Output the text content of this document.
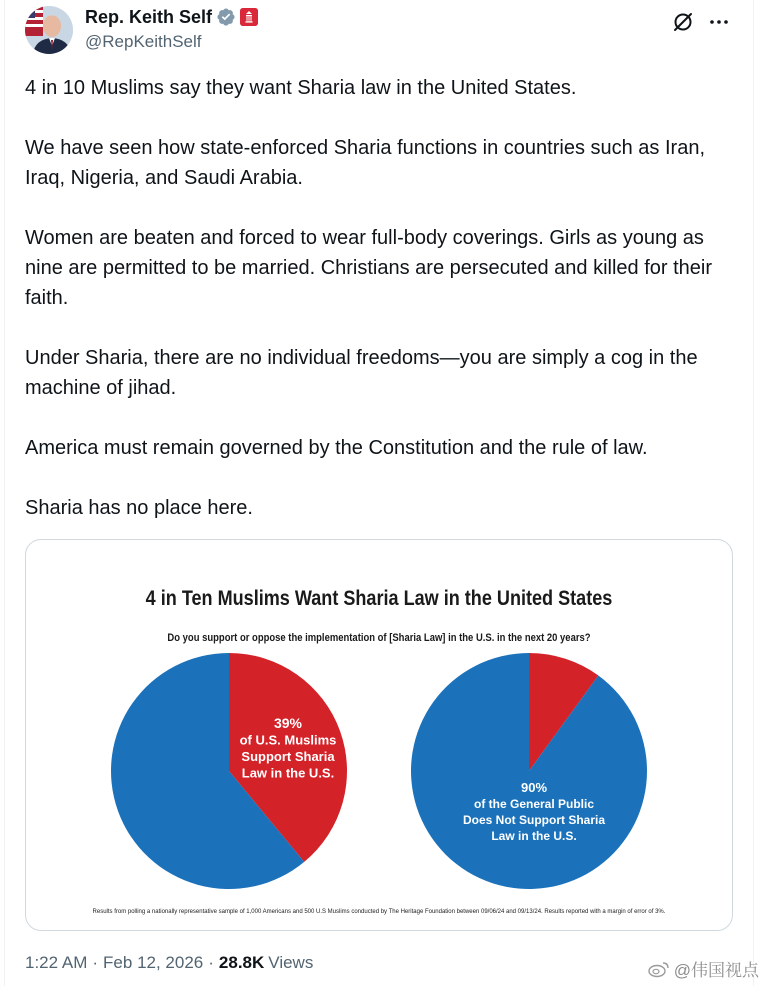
Rep. Keith Self
@RepKeithSelf

4 in 10 Muslims say they want Sharia law in the United States.

We have seen how state-enforced Sharia functions in countries such as Iran, Iraq, Nigeria, and Saudi Arabia.

Women are beaten and forced to wear full-body coverings. Girls as young as nine are permitted to be married. Christians are persecuted and killed for their faith.

Under Sharia, there are no individual freedoms—you are simply a cog in the machine of jihad.

America must remain governed by the Constitution and the rule of law.

Sharia has no place here.

4 in Ten Muslims Want Sharia Law in the United States
Do you support or oppose the implementation of [Sharia Law] in the U.S. in the next 20 years?
39%
of U.S. Muslims
Support Sharia
Law in the U.S.
90%
of the General Public
Does Not Support Sharia
Law in the U.S.
Results from polling a nationally representative sample of 1,000 Americans and 500 U.S Muslims conducted by The Heritage Foundation between 09/06/24 and 09/13/24. Results reported with a margin of error of 3%.
1:22 AM · Feb 12, 2026 · 28.8K Views	@伟国视点
